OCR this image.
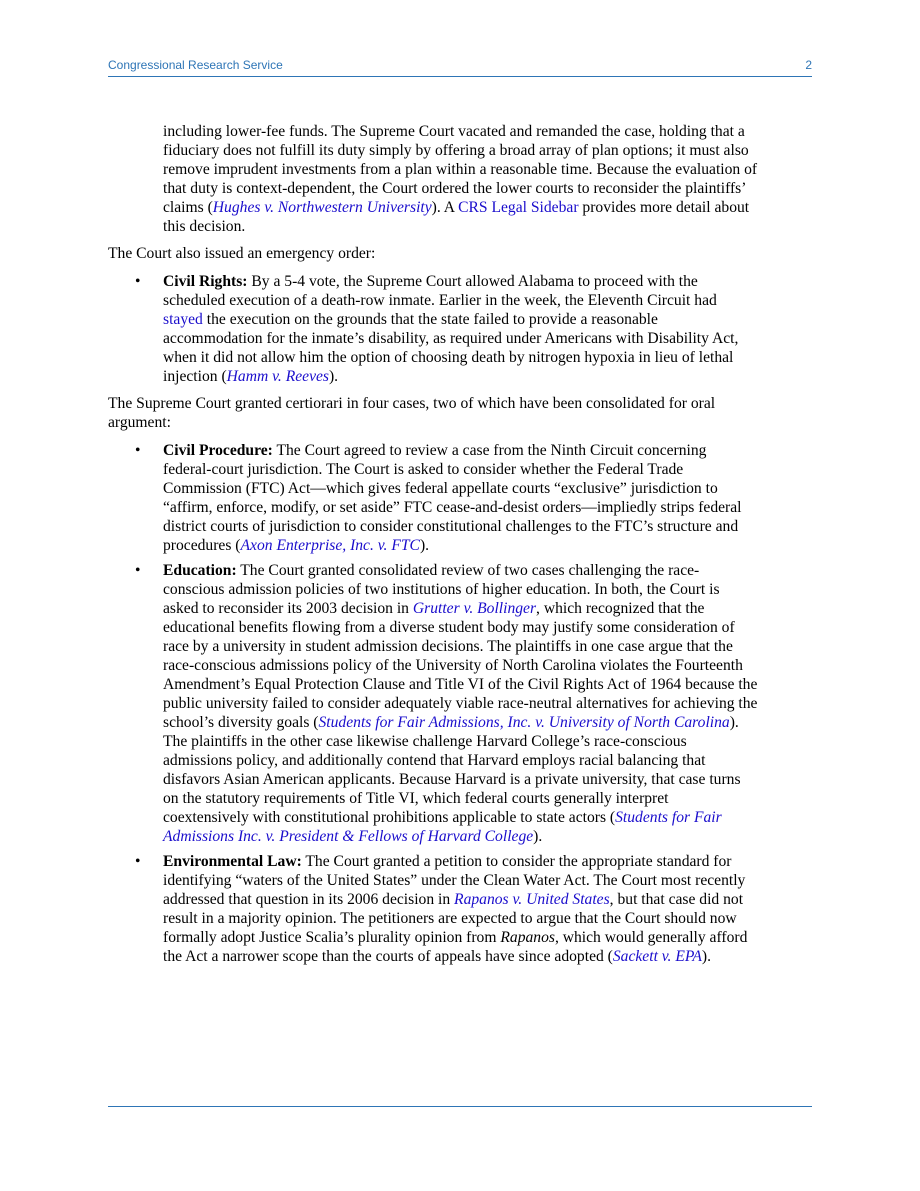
Congressional Research Service	2

including lower-fee funds. The Supreme Court vacated and remanded the case, holding that a fiduciary does not fulfill its duty simply by offering a broad array of plan options; it must also remove imprudent investments from a plan within a reasonable time. Because the evaluation of that duty is context-dependent, the Court ordered the lower courts to reconsider the plaintiffs’ claims (Hughes v. Northwestern University). A CRS Legal Sidebar provides more detail about this decision.

The Court also issued an emergency order:

• Civil Rights: By a 5-4 vote, the Supreme Court allowed Alabama to proceed with the scheduled execution of a death-row inmate. Earlier in the week, the Eleventh Circuit had stayed the execution on the grounds that the state failed to provide a reasonable accommodation for the inmate’s disability, as required under Americans with Disability Act, when it did not allow him the option of choosing death by nitrogen hypoxia in lieu of lethal injection (Hamm v. Reeves).

The Supreme Court granted certiorari in four cases, two of which have been consolidated for oral argument:

• Civil Procedure: The Court agreed to review a case from the Ninth Circuit concerning federal-court jurisdiction. The Court is asked to consider whether the Federal Trade Commission (FTC) Act—which gives federal appellate courts “exclusive” jurisdiction to “affirm, enforce, modify, or set aside” FTC cease-and-desist orders—impliedly strips federal district courts of jurisdiction to consider constitutional challenges to the FTC’s structure and procedures (Axon Enterprise, Inc. v. FTC).
• Education: The Court granted consolidated review of two cases challenging the race-conscious admission policies of two institutions of higher education. In both, the Court is asked to reconsider its 2003 decision in Grutter v. Bollinger, which recognized that the educational benefits flowing from a diverse student body may justify some consideration of race by a university in student admission decisions. The plaintiffs in one case argue that the race-conscious admissions policy of the University of North Carolina violates the Fourteenth Amendment’s Equal Protection Clause and Title VI of the Civil Rights Act of 1964 because the public university failed to consider adequately viable race-neutral alternatives for achieving the school’s diversity goals (Students for Fair Admissions, Inc. v. University of North Carolina). The plaintiffs in the other case likewise challenge Harvard College’s race-conscious admissions policy, and additionally contend that Harvard employs racial balancing that disfavors Asian American applicants. Because Harvard is a private university, that case turns on the statutory requirements of Title VI, which federal courts generally interpret coextensively with constitutional prohibitions applicable to state actors (Students for Fair Admissions Inc. v. President & Fellows of Harvard College).
• Environmental Law: The Court granted a petition to consider the appropriate standard for identifying “waters of the United States” under the Clean Water Act. The Court most recently addressed that question in its 2006 decision in Rapanos v. United States, but that case did not result in a majority opinion. The petitioners are expected to argue that the Court should now formally adopt Justice Scalia’s plurality opinion from Rapanos, which would generally afford the Act a narrower scope than the courts of appeals have since adopted (Sackett v. EPA).
